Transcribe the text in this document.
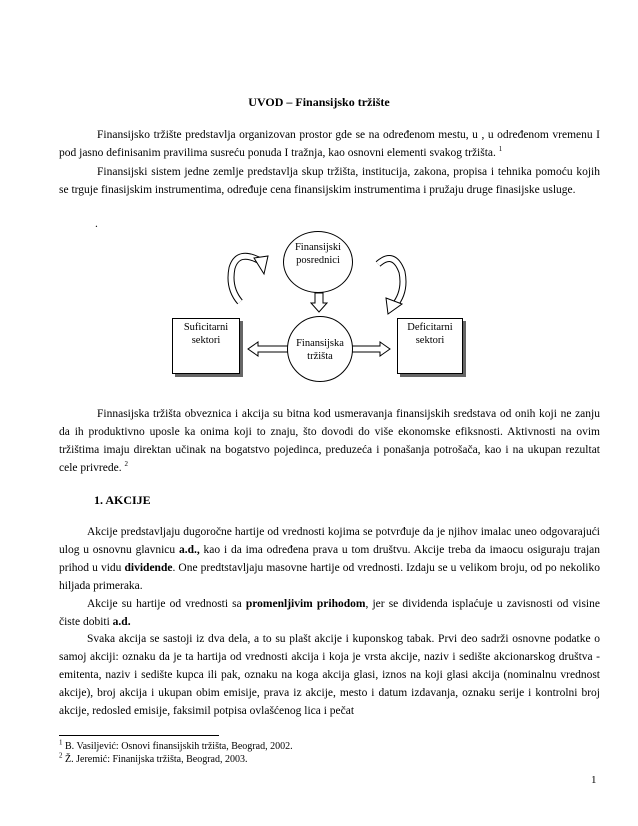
UVOD – Finansijsko tržište
Finansijsko tržište predstavlja organizovan prostor gde se na određenom mestu, u , u određenom vremenu I pod jasno definisanim pravilima susreću ponuda I tražnja, kao osnovni elementi svakog tržišta. $^1$
Finansijski sistem jedne zemlje predstavlja skup tržišta, institucija, zakona, propisa i tehnika pomoću kojih se trguje finasijskim instrumentima, određuje cena finansijskim instrumentima i pružaju druge finasijske usluge.
.
Finansijski
posrednici
Finansijska
tržišta
Suficitarni
sektori
Deficitarni
sektori
Finnasijska tržišta obveznica i akcija su bitna kod usmeravanja finansijskih sredstava od onih koji ne zanju da ih produktivno uposle ka onima koji to znaju, što dovodi do više ekonomske efiksnosti. Aktivnosti na ovim tržištima imaju direktan učinak na bogatstvo pojedinca, preduzeća i ponašanja potrošača, kao i na ukupan rezultat cele privrede. $^2$
1. AKCIJE
Akcije predstavljaju dugoročne hartije od vrednosti kojima se potvrđuje da je njihov imalac uneo odgovarajući ulog u osnovnu glavnicu a.d., kao i da ima određena prava u tom društvu. Akcije treba da imaocu osiguraju trajan prihod u vidu dividende. One predtstavljaju masovne hartije od vrednosti. Izdaju se u velikom broju, od po nekoliko hiljada primeraka.
Akcije su hartije od vrednosti sa promenljivim prihodom, jer se dividenda isplaćuje u zavisnosti od visine čiste dobiti a.d.
Svaka akcija se sastoji iz dva dela, a to su plašt akcije i kuponskog tabak. Prvi deo sadrži osnovne podatke o samoj akciji: oznaku da je ta hartija od vrednosti akcija i koja je vrsta akcije, naziv i sedište akcionarskog društva - emitenta, naziv i sedište kupca ili pak, oznaku na koga akcija glasi, iznos na koji glasi akcija (nominalnu vrednost akcije), broj akcija i ukupan obim emisije, prava iz akcije, mesto i datum izdavanja, oznaku serije i kontrolni broj akcije, redosled emisije, faksimil potpisa ovlašćenog lica i pečat
$^1$ B. Vasiljević: Osnovi finansijskih tržišta, Beograd, 2002.
$^2$ Ž. Jeremić: Finanijska tržišta, Beograd, 2003.
1
